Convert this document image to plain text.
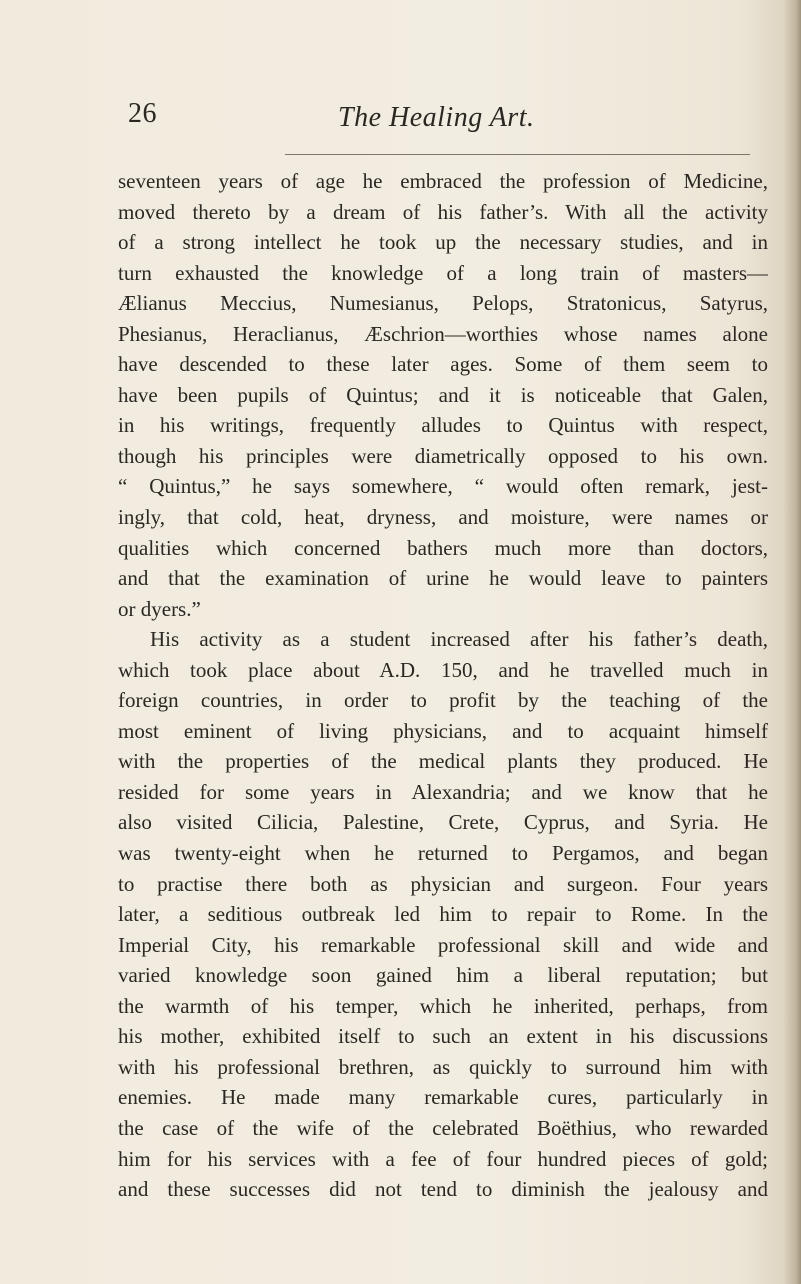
26	The Healing Art.
seventeen years of age he embraced the profession of Medicine,
moved thereto by a dream of his father’s. With all the activity
of a strong intellect he took up the necessary studies, and in
turn exhausted the knowledge of a long train of masters—
Ælianus Meccius, Numesianus, Pelops, Stratonicus, Satyrus,
Phesianus, Heraclianus, Æschrion—worthies whose names alone
have descended to these later ages. Some of them seem to
have been pupils of Quintus; and it is noticeable that Galen,
in his writings, frequently alludes to Quintus with respect,
though his principles were diametrically opposed to his own.
“ Quintus,” he says somewhere, “ would often remark, jest-
ingly, that cold, heat, dryness, and moisture, were names or
qualities which concerned bathers much more than doctors,
and that the examination of urine he would leave to painters
or dyers.”
His activity as a student increased after his father’s death,
which took place about A.D. 150, and he travelled much in
foreign countries, in order to profit by the teaching of the
most eminent of living physicians, and to acquaint himself
with the properties of the medical plants they produced. He
resided for some years in Alexandria; and we know that he
also visited Cilicia, Palestine, Crete, Cyprus, and Syria. He
was twenty-eight when he returned to Pergamos, and began
to practise there both as physician and surgeon. Four years
later, a seditious outbreak led him to repair to Rome. In the
Imperial City, his remarkable professional skill and wide and
varied knowledge soon gained him a liberal reputation; but
the warmth of his temper, which he inherited, perhaps, from
his mother, exhibited itself to such an extent in his discussions
with his professional brethren, as quickly to surround him with
enemies. He made many remarkable cures, particularly in
the case of the wife of the celebrated Boëthius, who rewarded
him for his services with a fee of four hundred pieces of gold;
and these successes did not tend to diminish the jealousy and
